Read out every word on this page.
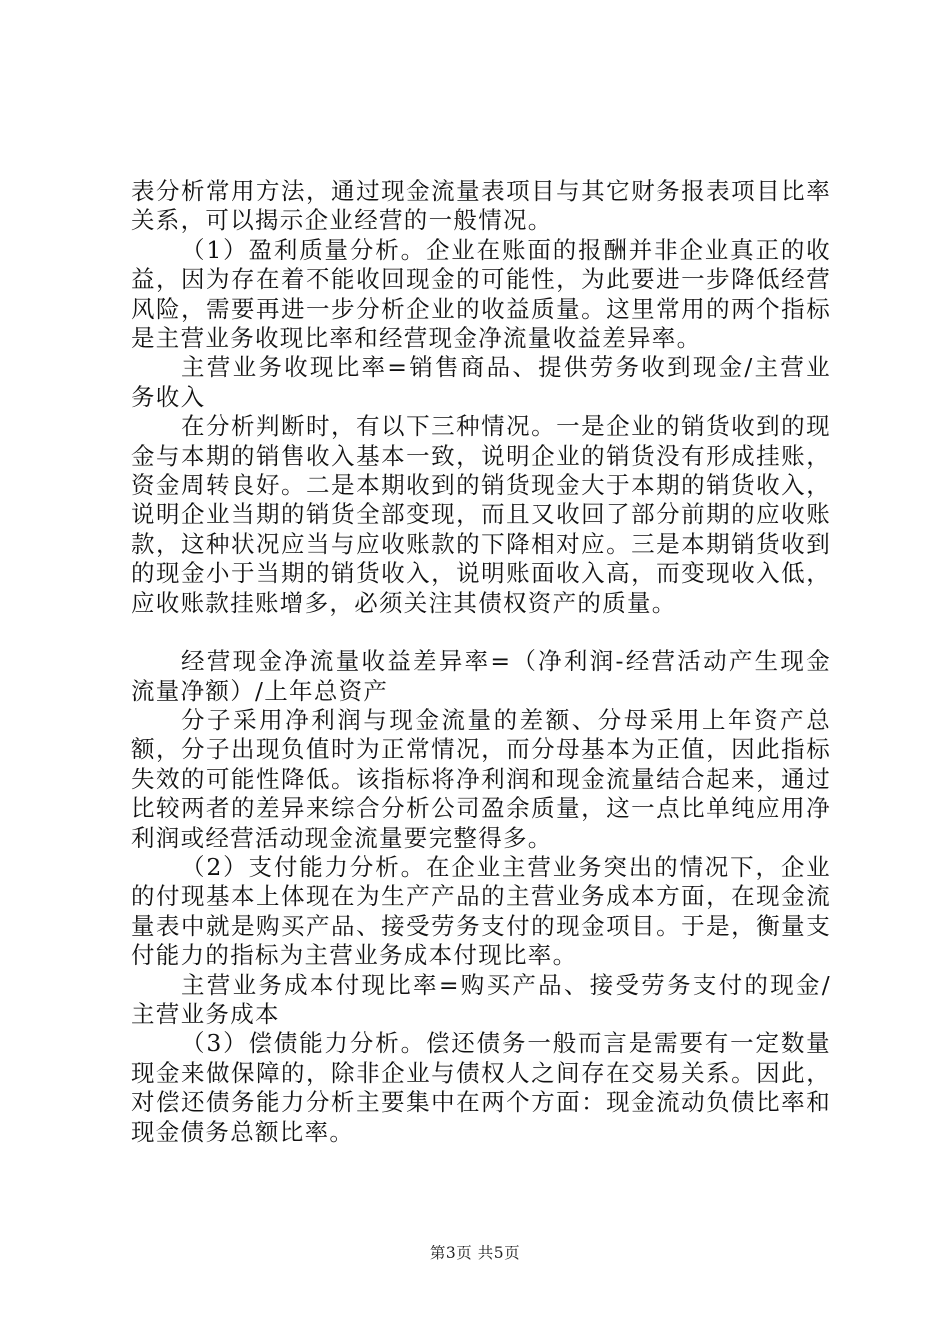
表分析常用方法，通过现金流量表项目与其它财务报表项目比率关系，可以揭示企业经营的一般情况。

（1）盈利质量分析。企业在账面的报酬并非企业真正的收益，因为存在着不能收回现金的可能性，为此要进一步降低经营风险，需要再进一步分析企业的收益质量。这里常用的两个指标是主营业务收现比率和经营现金净流量收益差异率。

主营业务收现比率=销售商品、提供劳务收到现金/主营业务收入

在分析判断时，有以下三种情况。一是企业的销货收到的现金与本期的销售收入基本一致，说明企业的销货没有形成挂账，资金周转良好。二是本期收到的销货现金大于本期的销货收入，说明企业当期的销货全部变现，而且又收回了部分前期的应收账款，这种状况应当与应收账款的下降相对应。三是本期销货收到的现金小于当期的销货收入，说明账面收入高，而变现收入低，应收账款挂账增多，必须关注其债权资产的质量。

经营现金净流量收益差异率=（净利润-经营活动产生现金流量净额）/上年总资产

分子采用净利润与现金流量的差额、分母采用上年资产总额，分子出现负值时为正常情况，而分母基本为正值，因此指标失效的可能性降低。该指标将净利润和现金流量结合起来，通过比较两者的差异来综合分析公司盈余质量，这一点比单纯应用净利润或经营活动现金流量要完整得多。

（2）支付能力分析。在企业主营业务突出的情况下，企业的付现基本上体现在为生产产品的主营业务成本方面，在现金流量表中就是购买产品、接受劳务支付的现金项目。于是，衡量支付能力的指标为主营业务成本付现比率。

主营业务成本付现比率=购买产品、接受劳务支付的现金/主营业务成本

（3）偿债能力分析。偿还债务一般而言是需要有一定数量现金来做保障的，除非企业与债权人之间存在交易关系。因此，对偿还债务能力分析主要集中在两个方面：现金流动负债比率和现金债务总额比率。

第3页 共5页
